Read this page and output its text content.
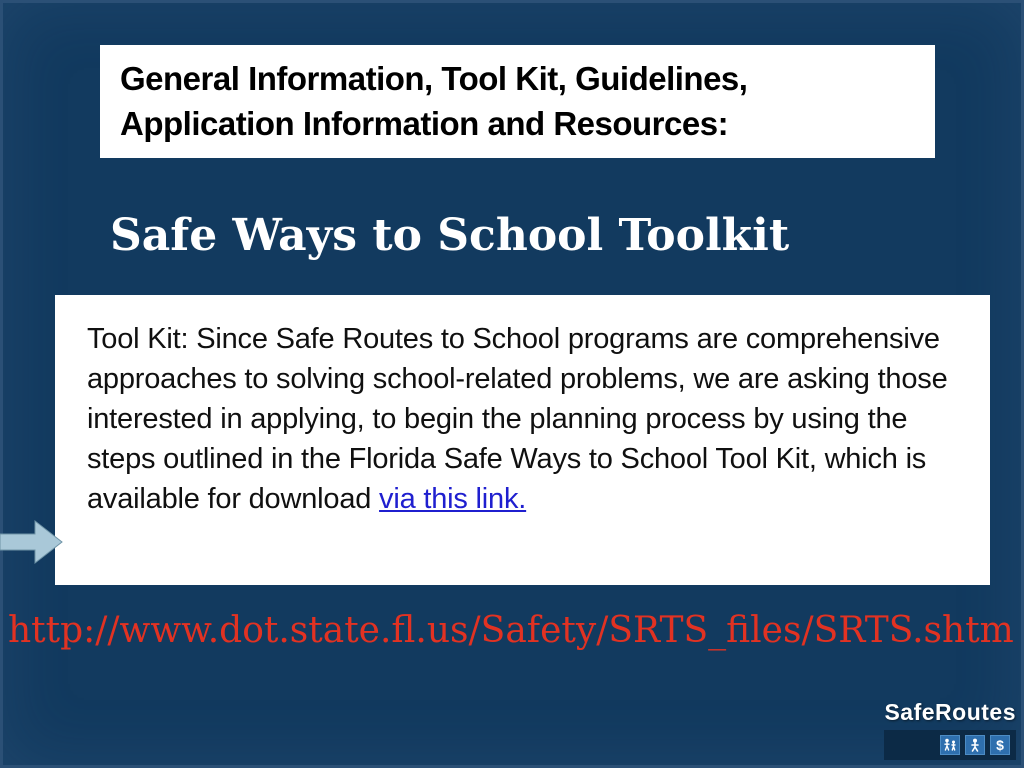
General Information, Tool Kit, Guidelines,
Application Information and Resources:
Safe Ways to School Toolkit
Tool Kit: Since Safe Routes to School programs are comprehensive approaches to solving school-related problems, we are asking those interested in applying, to begin the planning process by using the steps outlined in the Florida Safe Ways to School Tool Kit, which is available for download via this link.
http://www.dot.state.fl.us/Safety/SRTS_files/SRTS.shtm
SafeRoutes
$
